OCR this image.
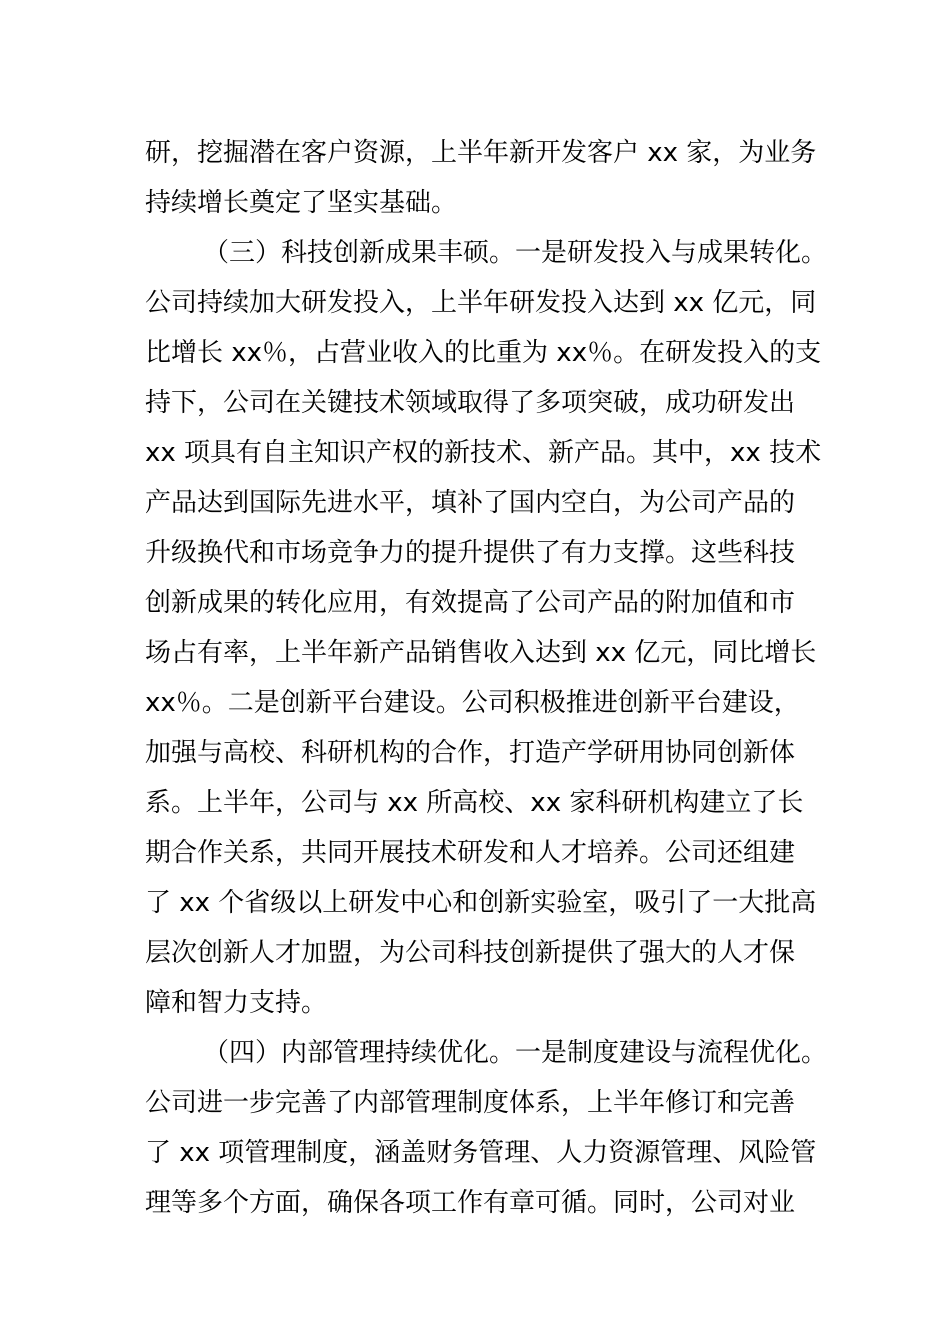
研，挖掘潜在客户资源，上半年新开发客户 xx 家，为业务
持续增长奠定了坚实基础。
（三）科技创新成果丰硕。一是研发投入与成果转化。
公司持续加大研发投入，上半年研发投入达到 xx 亿元，同
比增长 xx％，占营业收入的比重为 xx％。在研发投入的支
持下，公司在关键技术领域取得了多项突破，成功研发出
xx 项具有自主知识产权的新技术、新产品。其中，xx 技术
产品达到国际先进水平，填补了国内空白，为公司产品的
升级换代和市场竞争力的提升提供了有力支撑。这些科技
创新成果的转化应用，有效提高了公司产品的附加值和市
场占有率，上半年新产品销售收入达到 xx 亿元，同比增长
xx％。二是创新平台建设。公司积极推进创新平台建设，
加强与高校、科研机构的合作，打造产学研用协同创新体
系。上半年，公司与 xx 所高校、xx 家科研机构建立了长
期合作关系，共同开展技术研发和人才培养。公司还组建
了 xx 个省级以上研发中心和创新实验室，吸引了一大批高
层次创新人才加盟，为公司科技创新提供了强大的人才保
障和智力支持。
（四）内部管理持续优化。一是制度建设与流程优化。
公司进一步完善了内部管理制度体系，上半年修订和完善
了 xx 项管理制度，涵盖财务管理、人力资源管理、风险管
理等多个方面，确保各项工作有章可循。同时，公司对业
